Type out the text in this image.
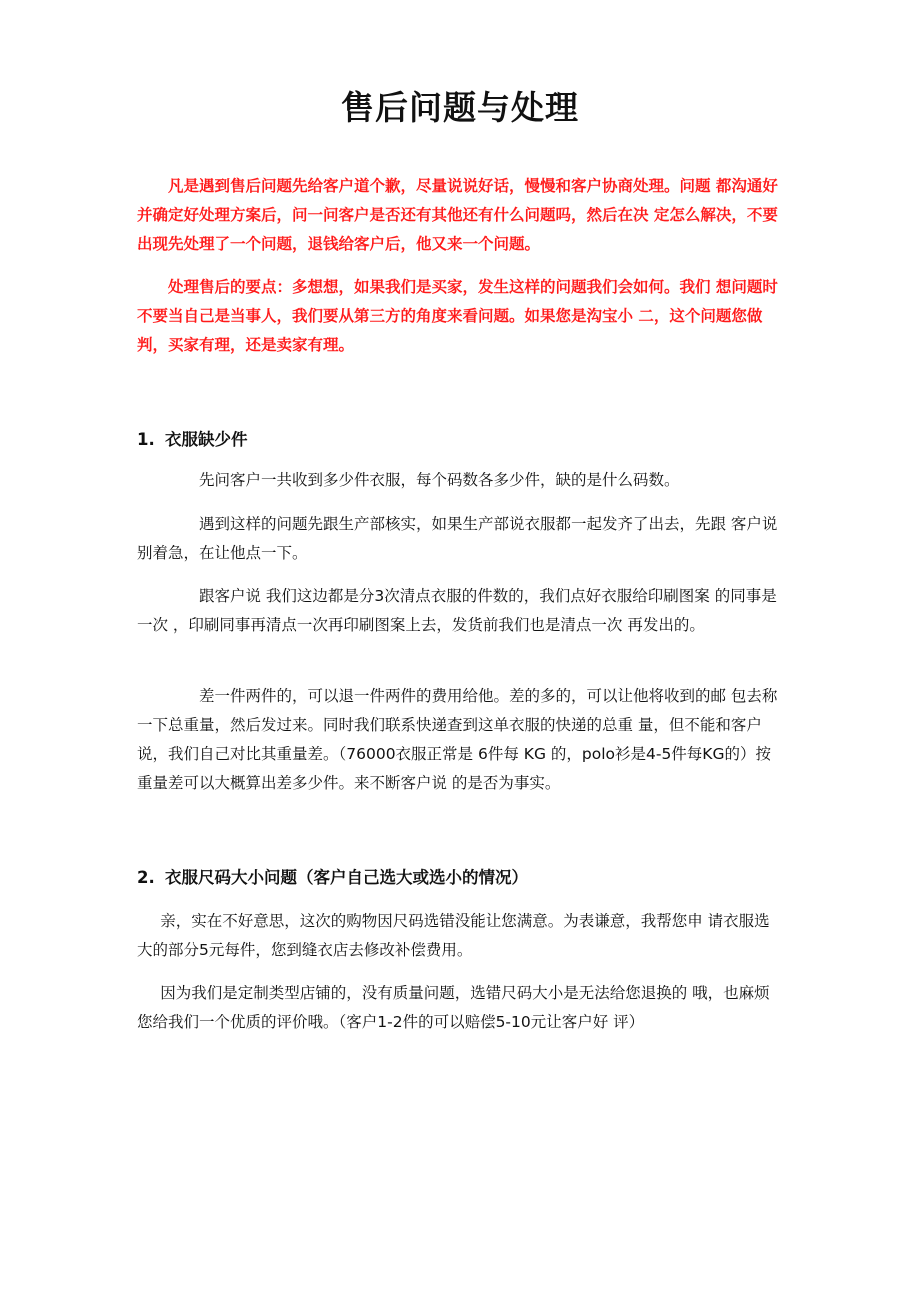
售后问题与处理

凡是遇到售后问题先给客户道个歉，尽量说说好话，慢慢和客户协商处理。问题 都沟通好并确定好处理方案后，问一问客户是否还有其他还有什么问题吗，然后在决 定怎么解决，不要出现先处理了一个问题，退钱给客户后，他又来一个问题。

处理售后的要点：多想想，如果我们是买家，发生这样的问题我们会如何。我们 想问题时不要当自己是当事人，我们要从第三方的角度来看问题。如果您是沟宝小 二，这个问题您做判，买家有理，还是卖家有理。

1. 衣服缺少件

先问客户一共收到多少件衣服，每个码数各多少件，缺的是什么码数。

遇到这样的问题先跟生产部核实，如果生产部说衣服都一起发齐了出去，先跟 客户说别着急，在让他点一下。

跟客户说 我们这边都是分3次清点衣服的件数的，我们点好衣服给印刷图案 的同事是一次 ，印刷同事再清点一次再印刷图案上去，发货前我们也是清点一次 再发出的。

差一件两件的，可以退一件两件的费用给他。差的多的，可以让他将收到的邮 包去称一下总重量，然后发过来。同时我们联系快递查到这单衣服的快递的总重 量，但不能和客户说，我们自己对比其重量差。（76000衣服正常是 6件每 KG 的，polo衫是4-5件每KG的）按重量差可以大概算出差多少件。来不断客户说 的是否为事实。

2. 衣服尺码大小问题（客户自己选大或选小的情况）

亲，实在不好意思，这次的购物因尺码选错没能让您满意。为表谦意，我帮您申 请衣服选大的部分5元每件，您到缝衣店去修改补偿费用。

因为我们是定制类型店铺的，没有质量问题，选错尺码大小是无法给您退换的 哦，也麻烦您给我们一个优质的评价哦。（客户1-2件的可以赔偿5-10元让客户好 评）
